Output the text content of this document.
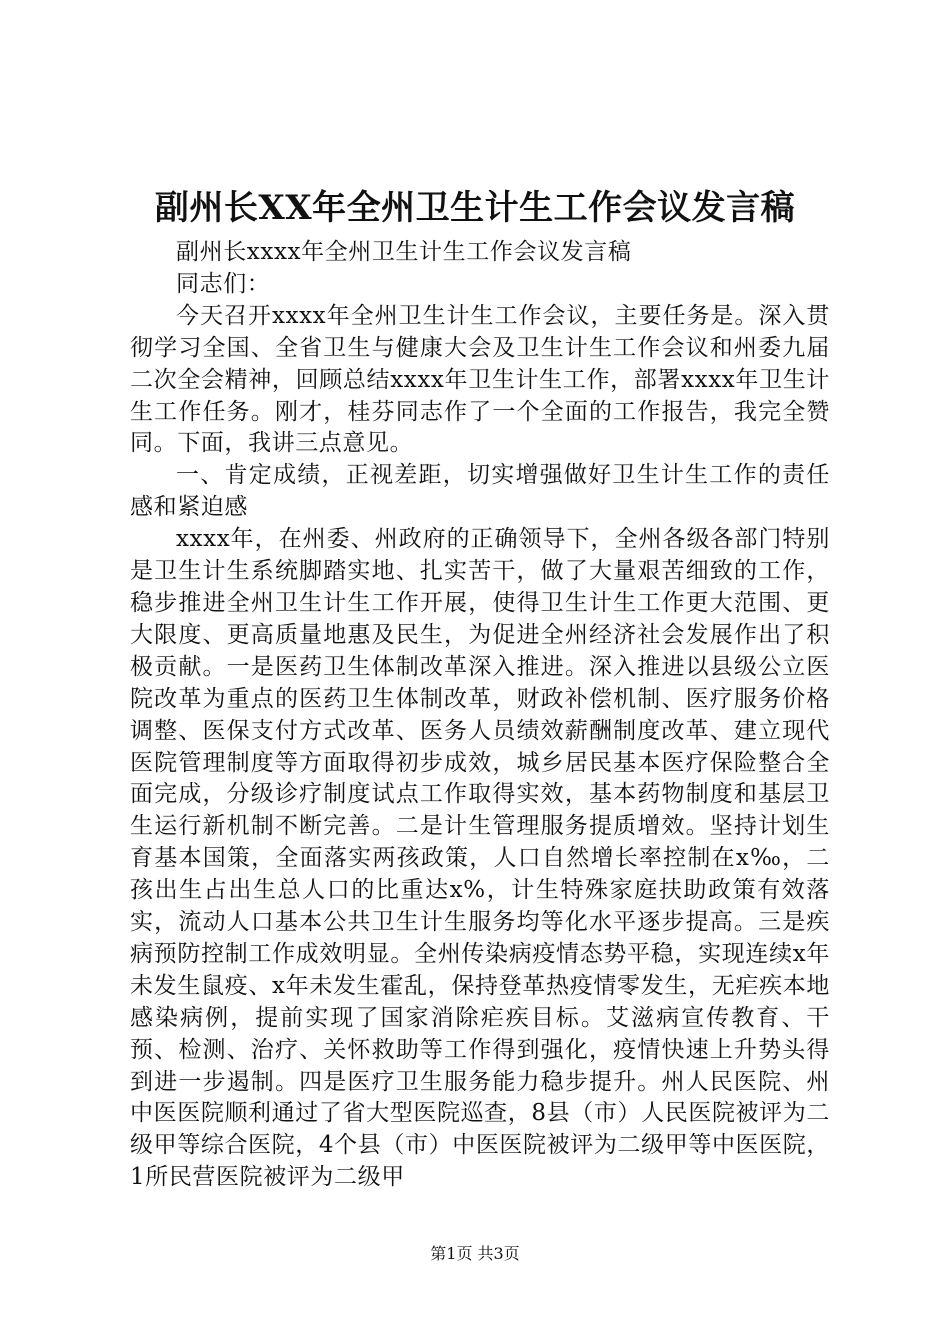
副州长XX年全州卫生计生工作会议发言稿

副州长xxxx年全州卫生计生工作会议发言稿

同志们：

今天召开xxxx年全州卫生计生工作会议，主要任务是。深入贯彻学习全国、全省卫生与健康大会及卫生计生工作会议和州委九届二次全会精神，回顾总结xxxx年卫生计生工作，部署xxxx年卫生计生工作任务。刚才，桂芬同志作了一个全面的工作报告，我完全赞同。下面，我讲三点意见。

一、肯定成绩，正视差距，切实增强做好卫生计生工作的责任感和紧迫感

xxxx年，在州委、州政府的正确领导下，全州各级各部门特别是卫生计生系统脚踏实地、扎实苦干，做了大量艰苦细致的工作，稳步推进全州卫生计生工作开展，使得卫生计生工作更大范围、更大限度、更高质量地惠及民生，为促进全州经济社会发展作出了积极贡献。一是医药卫生体制改革深入推进。深入推进以县级公立医院改革为重点的医药卫生体制改革，财政补偿机制、医疗服务价格调整、医保支付方式改革、医务人员绩效薪酬制度改革、建立现代医院管理制度等方面取得初步成效，城乡居民基本医疗保险整合全面完成，分级诊疗制度试点工作取得实效，基本药物制度和基层卫生运行新机制不断完善。二是计生管理服务提质增效。坚持计划生育基本国策，全面落实两孩政策，人口自然增长率控制在x‰，二孩出生占出生总人口的比重达x%，计生特殊家庭扶助政策有效落实，流动人口基本公共卫生计生服务均等化水平逐步提高。三是疾病预防控制工作成效明显。全州传染病疫情态势平稳，实现连续x年未发生鼠疫、x年未发生霍乱，保持登革热疫情零发生，无疟疾本地感染病例，提前实现了国家消除疟疾目标。艾滋病宣传教育、干预、检测、治疗、关怀救助等工作得到强化，疫情快速上升势头得到进一步遏制。四是医疗卫生服务能力稳步提升。州人民医院、州中医医院顺利通过了省大型医院巡查，8县（市）人民医院被评为二级甲等综合医院，4个县（市）中医医院被评为二级甲等中医医院，1所民营医院被评为二级甲

第1页 共3页
